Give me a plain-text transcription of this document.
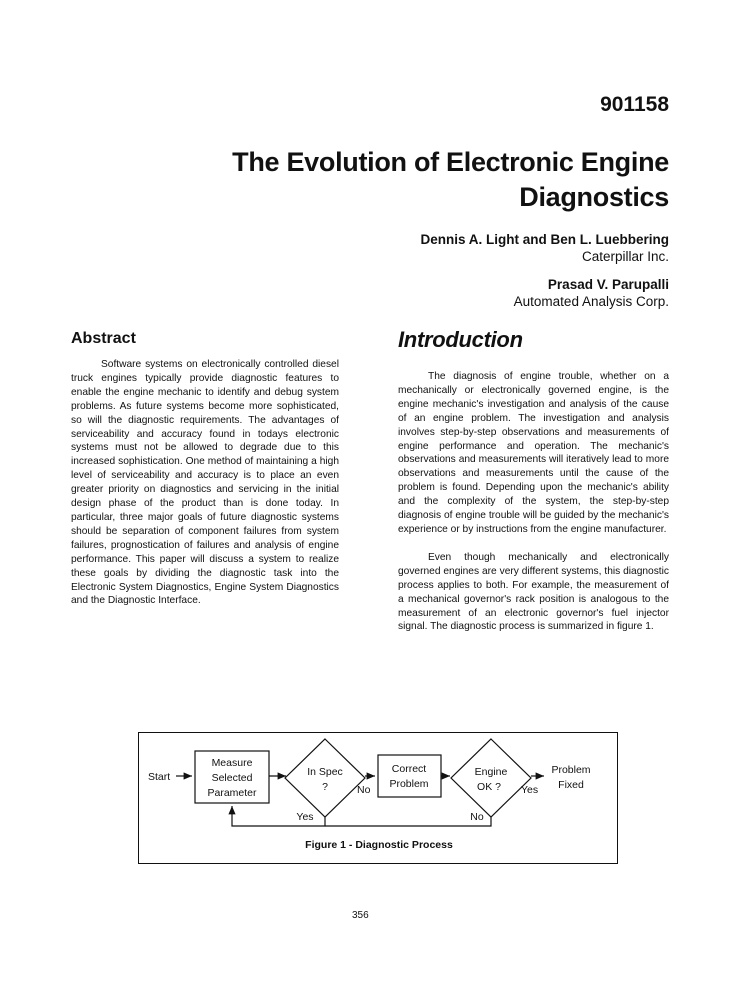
901158
The Evolution of Electronic Engine
Diagnostics
Dennis A. Light and Ben L. Luebbering
Caterpillar Inc.
Prasad V. Parupalli
Automated Analysis Corp.
Abstract

Software systems on electronically controlled diesel truck engines typically provide diagnostic features to enable the engine mechanic to identify and debug system problems. As future systems become more sophisticated, so will the diagnostic requirements. The advantages of serviceability and accuracy found in todays electronic systems must not be allowed to degrade due to this increased sophistication. One method of maintaining a high level of serviceability and accuracy is to place an even greater priority on diagnostics and servicing in the initial design phase of the product than is done today. In particular, three major goals of future diagnostic systems should be separation of component failures from system failures, prognostication of failures and analysis of engine performance. This paper will discuss a system to realize these goals by dividing the diagnostic task into the Electronic System Diagnostics, Engine System Diagnostics and the Diagnostic Interface.

Introduction

The diagnosis of engine trouble, whether on a mechanically or electronically governed engine, is the engine mechanic's investigation and analysis of the cause of an engine problem. The investigation and analysis involves step-by-step observations and measurements of engine performance and operation. The mechanic's observations and measurements will iteratively lead to more observations and measurements until the cause of the problem is found. Depending upon the mechanic's ability and the complexity of the system, the step-by-step diagnosis of engine trouble will be guided by the mechanic's experience or by instructions from the engine manufacturer.

Even though mechanically and electronically governed engines are very different systems, this diagnostic process applies to both. For example, the measurement of a mechanical governor's rack position is analogous to the measurement of an electronic governor's fuel injector signal. The diagnostic process is summarized in figure 1.

Start
Measure
Selected
Parameter
In Spec
?	No
Correct
Problem
Engine
OK ? Yes
Problem
Fixed
Yes	No
Figure 1 - Diagnostic Process
356
